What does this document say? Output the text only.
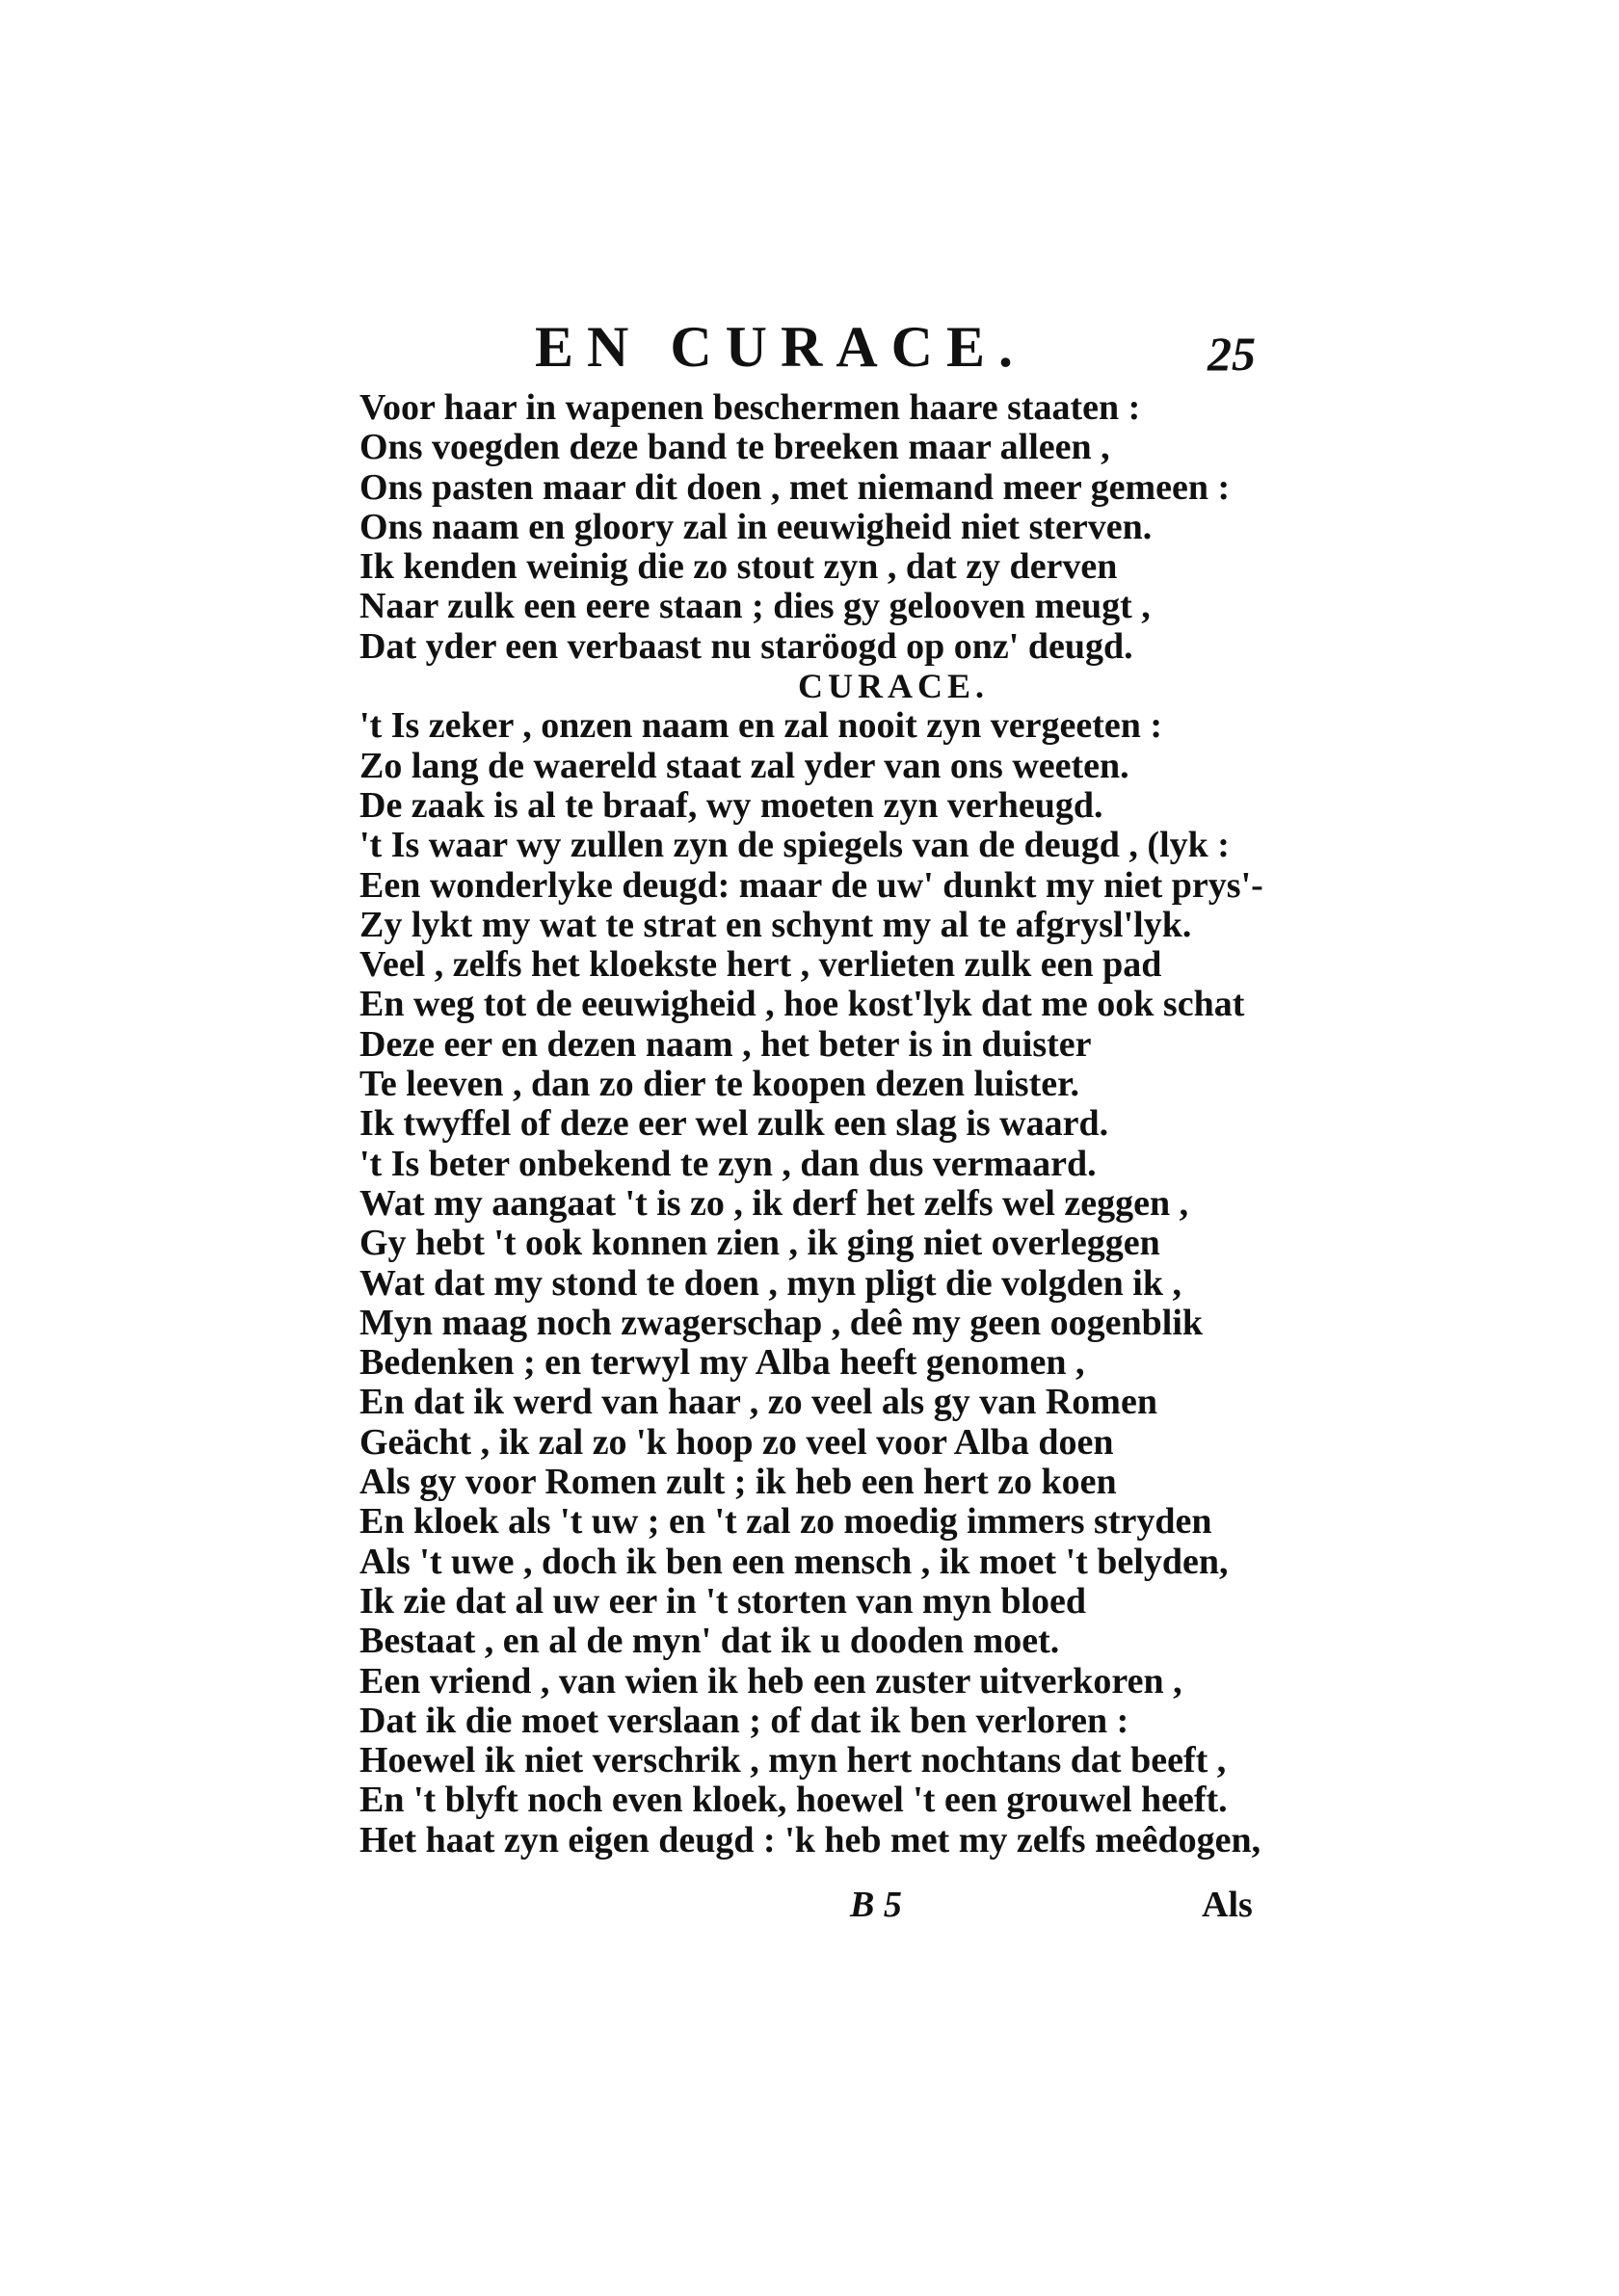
EN CURACE.	25
Voor haar in wapenen beschermen haare staaten :
Ons voegden deze band te breeken maar alleen ,
Ons pasten maar dit doen , met niemand meer gemeen :
Ons naam en gloory zal in eeuwigheid niet sterven.
Ik kenden weinig die zo stout zyn , dat zy derven
Naar zulk een eere staan ; dies gy gelooven meugt ,
Dat yder een verbaast nu staröogd op onz' deugd.
CURACE.
't Is zeker , onzen naam en zal nooit zyn vergeeten :
Zo lang de waereld staat zal yder van ons weeten.
De zaak is al te braaf, wy moeten zyn verheugd.
't Is waar wy zullen zyn de spiegels van de deugd , (lyk :
Een wonderlyke deugd: maar de uw' dunkt my niet prys'-
Zy lykt my wat te strat en schynt my al te afgrysl'lyk.
Veel , zelfs het kloekste hert , verlieten zulk een pad
En weg tot de eeuwigheid , hoe kost'lyk dat me ook schat
Deze eer en dezen naam , het beter is in duister
Te leeven , dan zo dier te koopen dezen luister.
Ik twyffel of deze eer wel zulk een slag is waard.
't Is beter onbekend te zyn , dan dus vermaard.
Wat my aangaat 't is zo , ik derf het zelfs wel zeggen ,
Gy hebt 't ook konnen zien , ik ging niet overleggen
Wat dat my stond te doen , myn pligt die volgden ik ,
Myn maag noch zwagerschap , deê my geen oogenblik
Bedenken ; en terwyl my Alba heeft genomen ,
En dat ik werd van haar , zo veel als gy van Romen
Geächt , ik zal zo 'k hoop zo veel voor Alba doen
Als gy voor Romen zult ; ik heb een hert zo koen
En kloek als 't uw ; en 't zal zo moedig immers stryden
Als 't uwe , doch ik ben een mensch , ik moet 't belyden,
Ik zie dat al uw eer in 't storten van myn bloed
Bestaat , en al de myn' dat ik u dooden moet.
Een vriend , van wien ik heb een zuster uitverkoren ,
Dat ik die moet verslaan ; of dat ik ben verloren :
Hoewel ik niet verschrik , myn hert nochtans dat beeft ,
En 't blyft noch even kloek, hoewel 't een grouwel heeft.
Het haat zyn eigen deugd : 'k heb met my zelfs meêdogen,
B 5	Als
